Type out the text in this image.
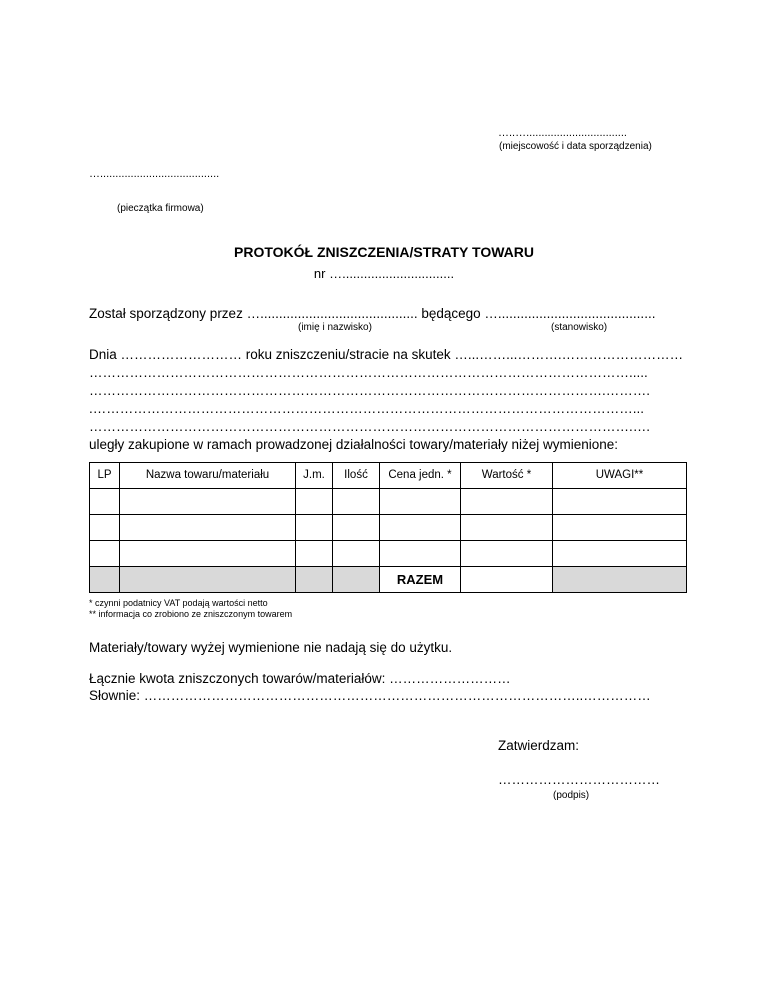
…..….................................
(miejscowość i data sporządzenia)
….......................................
(pieczątka firmowa)
PROTOKÓŁ ZNISZCZENIA/STRATY TOWARU
nr …...............................
Został sporządzony przez ….......................................... będącego …..........................................
(imię i nazwisko)	(stanowisko)
Dnia ……………………… roku zniszczeniu/stracie na skutek …...……...……….………………………
………………………………………………………………………………………………………….....
…………………………………………………………………………………………………….……….
.…………………………………………………………………………………………………………...
………………………………………………………………………………………………………….….
uległy zakupione w ramach prowadzonej działalności towary/materiały niżej wymienione:
LP	Nazwa towaru/materiału	J.m.	Ilość	Cena jedn. *	Wartość *	UWAGI**

				RAZEM		
* czynni podatnicy VAT podają wartości netto
** informacja co zrobiono ze zniszczonym towarem
Materiały/towary wyżej wymienione nie nadają się do użytku.
Łącznie kwota zniszczonych towarów/materiałów: ………………………
Słownie: ……………………………………………………………………………………..……………
Zatwierdzam:
………………………………
(podpis)
